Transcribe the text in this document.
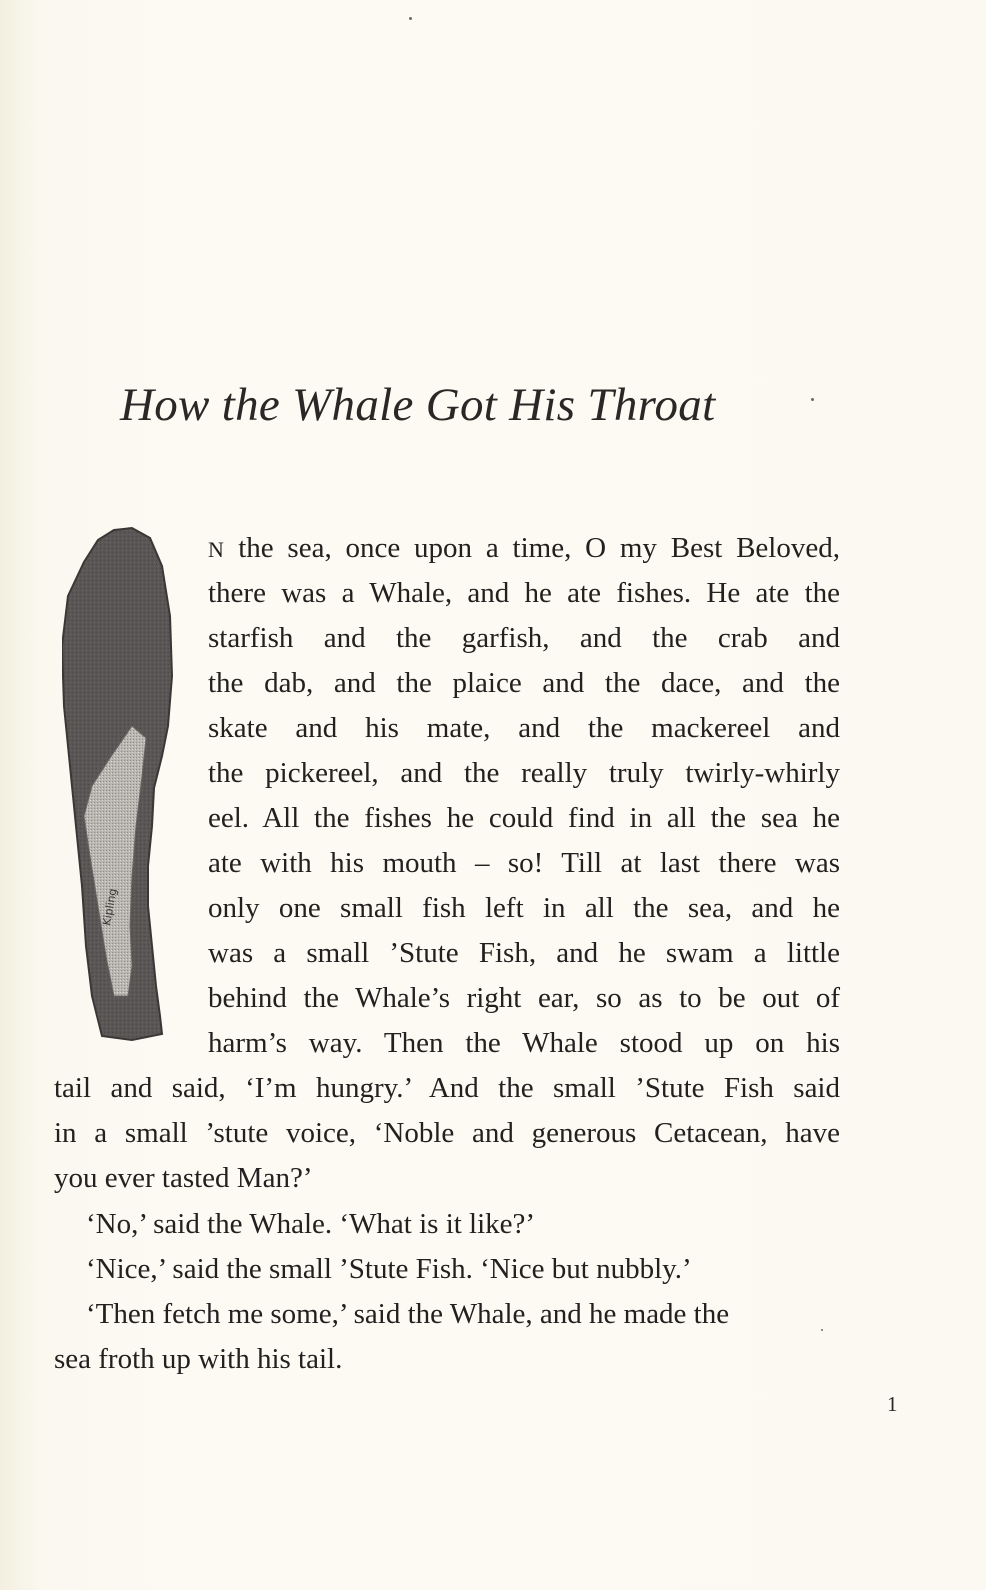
How the Whale Got His Throat
Kipling
N the sea, once upon a time, O my Best Beloved,
there was a Whale, and he ate fishes. He ate the
starfish and the garfish, and the crab and
the dab, and the plaice and the dace, and the
skate and his mate, and the mackereel and
the pickereel, and the really truly twirly-whirly
eel. All the fishes he could find in all the sea he
ate with his mouth – so! Till at last there was
only one small fish left in all the sea, and he
was a small ’Stute Fish, and he swam a little
behind the Whale’s right ear, so as to be out of
harm’s way. Then the Whale stood up on his
tail and said, ‘I’m hungry.’ And the small ’Stute Fish said
in a small ’stute voice, ‘Noble and generous Cetacean, have
you ever tasted Man?’
‘No,’ said the Whale. ‘What is it like?’
‘Nice,’ said the small ’Stute Fish. ‘Nice but nubbly.’
‘Then fetch me some,’ said the Whale, and he made the
sea froth up with his tail.
1
